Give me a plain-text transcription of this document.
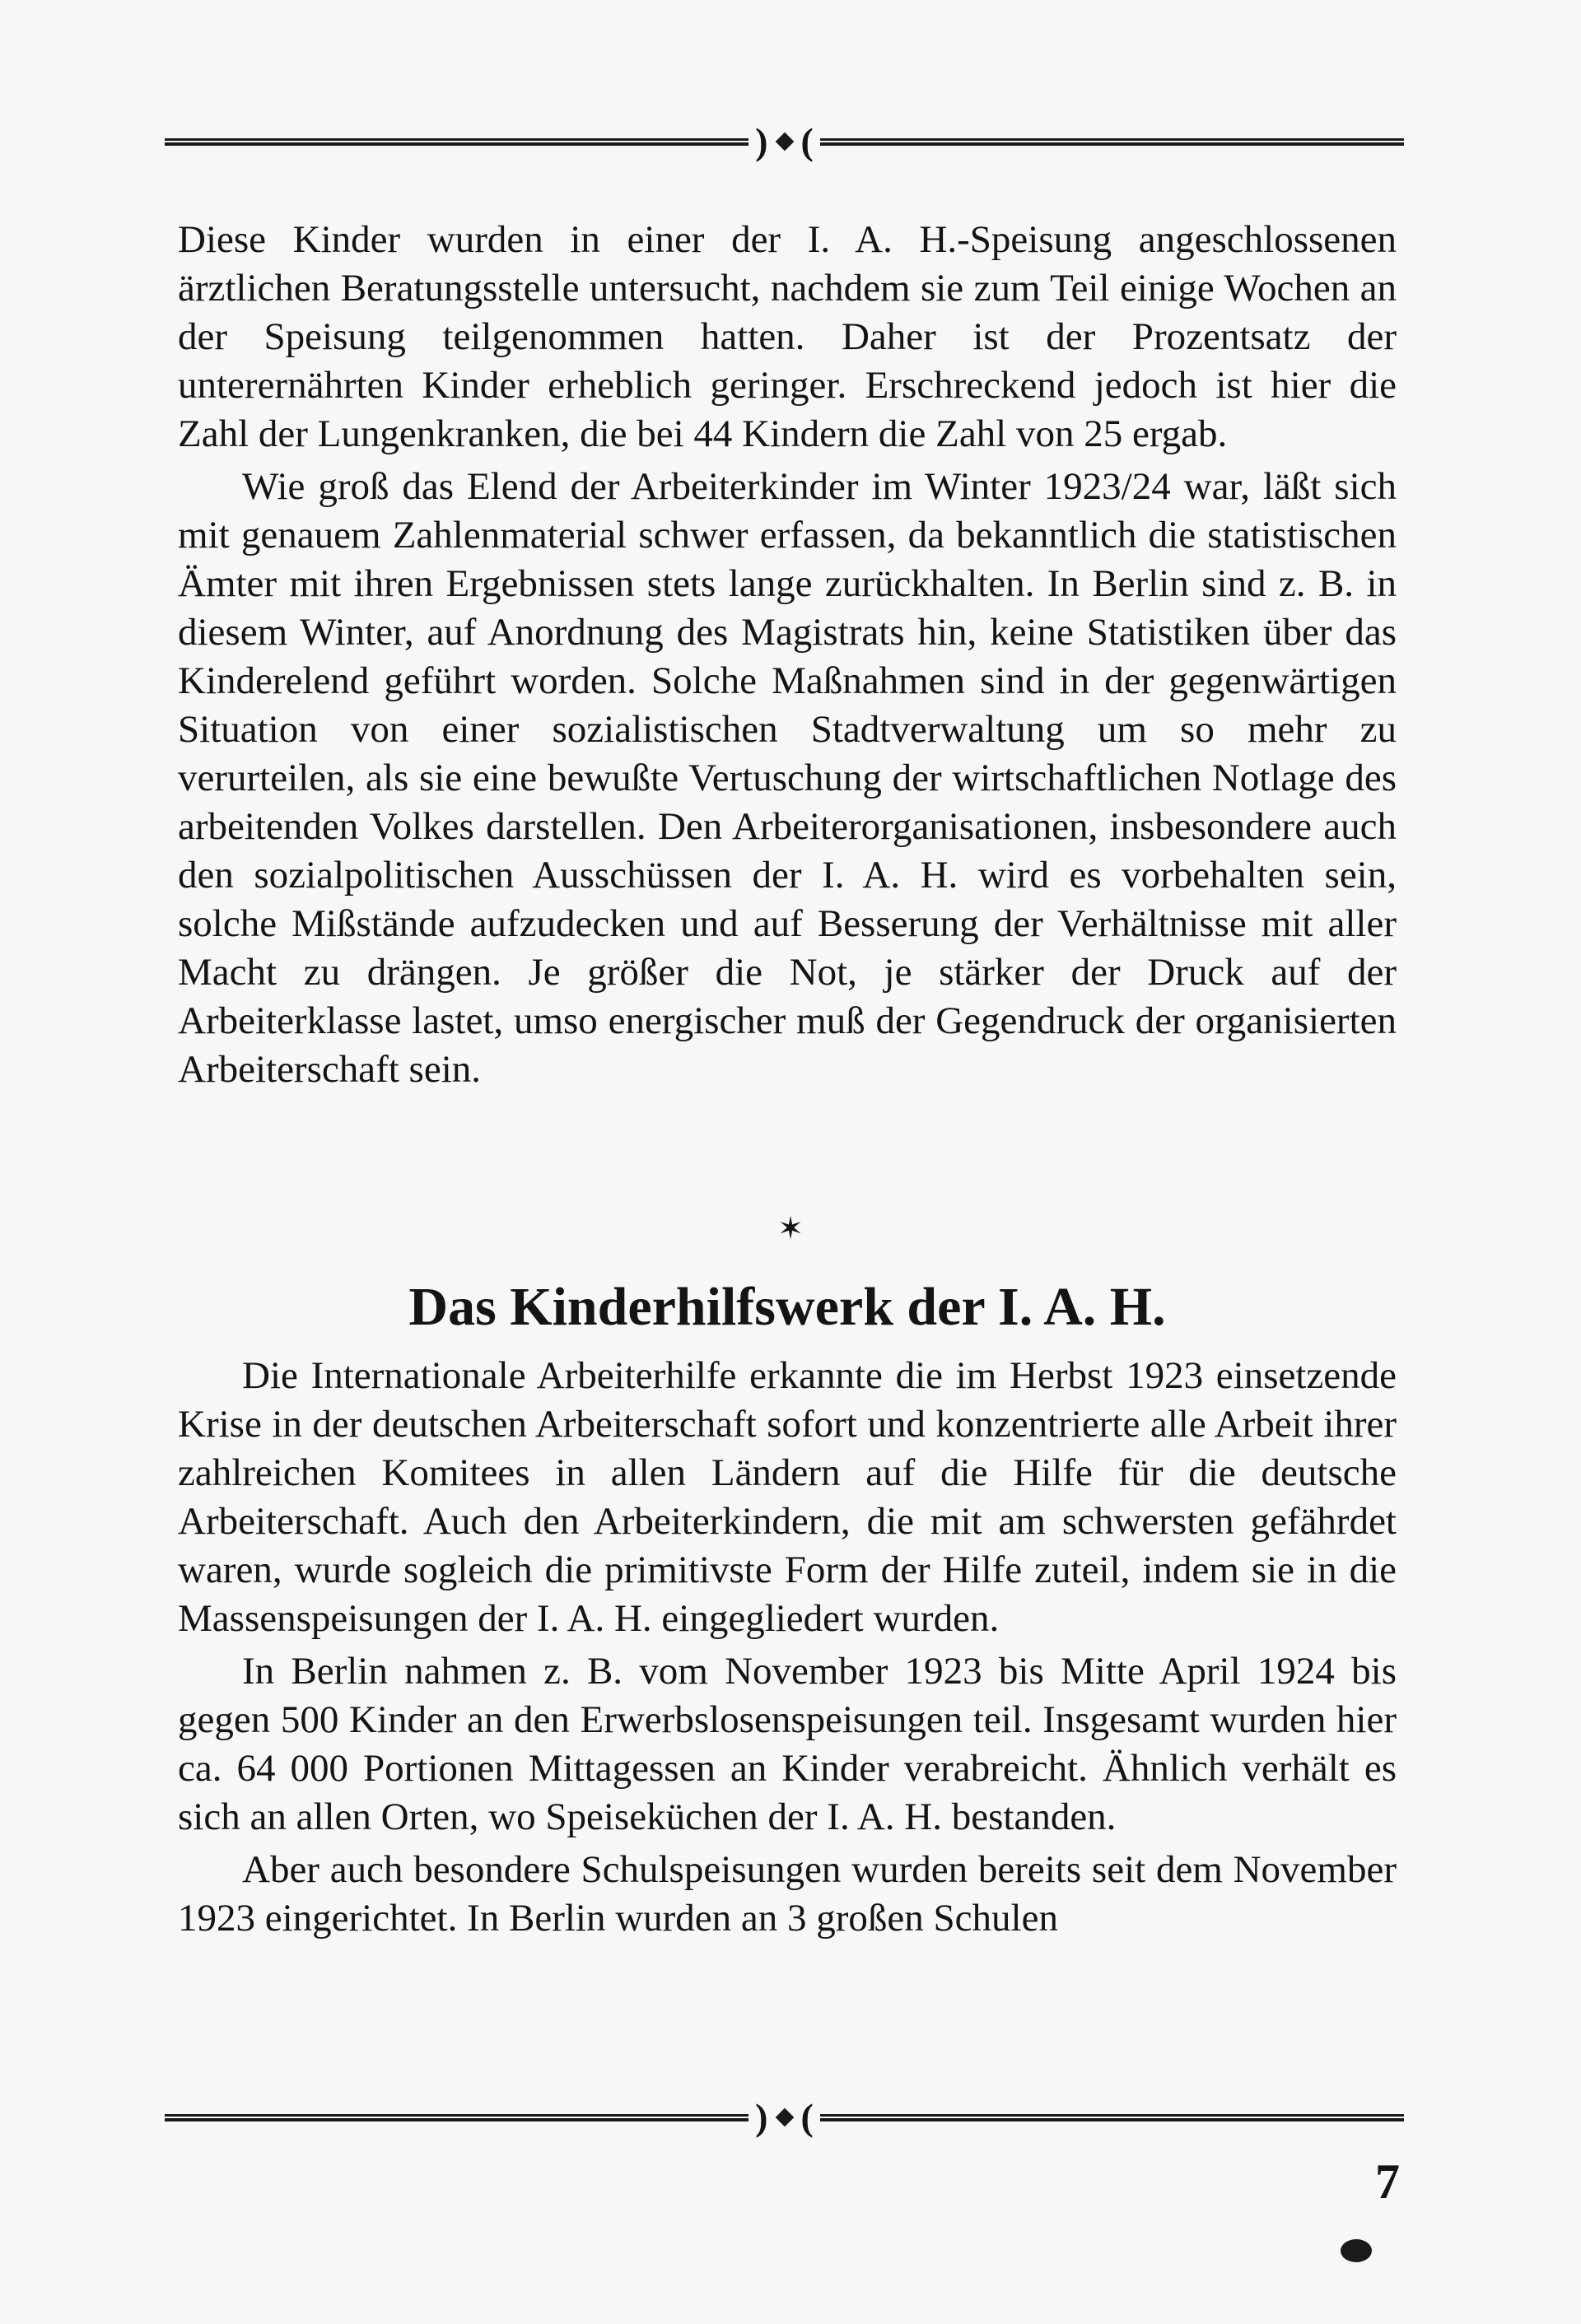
) (

Diese Kinder wurden in einer der I. A. H.-Speisung angeschlossenen ärztlichen Beratungsstelle untersucht, nachdem sie zum Teil einige Wochen an der Speisung teilgenommen hatten. Daher ist der Prozentsatz der unterernährten Kinder erheblich geringer. Erschreckend jedoch ist hier die Zahl der Lungenkranken, die bei 44 Kindern die Zahl von 25 ergab.

Wie groß das Elend der Arbeiterkinder im Winter 1923/24 war, läßt sich mit genauem Zahlenmaterial schwer erfassen, da bekanntlich die statistischen Ämter mit ihren Ergebnissen stets lange zurückhalten. In Berlin sind z. B. in diesem Winter, auf Anordnung des Magistrats hin, keine Statistiken über das Kinderelend geführt worden. Solche Maßnahmen sind in der gegenwärtigen Situation von einer sozialistischen Stadtverwaltung um so mehr zu verurteilen, als sie eine bewußte Vertuschung der wirtschaftlichen Notlage des arbeitenden Volkes darstellen. Den Arbeiterorganisationen, insbesondere auch den sozialpolitischen Ausschüssen der I. A. H. wird es vorbehalten sein, solche Mißstände aufzudecken und auf Besserung der Verhältnisse mit aller Macht zu drängen. Je größer die Not, je stärker der Druck auf der Arbeiterklasse lastet, umso energischer muß der Gegendruck der organisierten Arbeiterschaft sein.

✶
Das Kinderhilfswerk der I. A. H.

Die Internationale Arbeiterhilfe erkannte die im Herbst 1923 einsetzende Krise in der deutschen Arbeiterschaft sofort und konzentrierte alle Arbeit ihrer zahlreichen Komitees in allen Ländern auf die Hilfe für die deutsche Arbeiterschaft. Auch den Arbeiterkindern, die mit am schwersten gefährdet waren, wurde sogleich die primitivste Form der Hilfe zuteil, indem sie in die Massenspeisungen der I. A. H. eingegliedert wurden.

In Berlin nahmen z. B. vom November 1923 bis Mitte April 1924 bis gegen 500 Kinder an den Erwerbslosenspeisungen teil. Insgesamt wurden hier ca. 64 000 Portionen Mittagessen an Kinder verabreicht. Ähnlich verhält es sich an allen Orten, wo Speiseküchen der I. A. H. bestanden.

Aber auch besondere Schulspeisungen wurden bereits seit dem November 1923 eingerichtet. In Berlin wurden an 3 großen Schulen

) (
7
